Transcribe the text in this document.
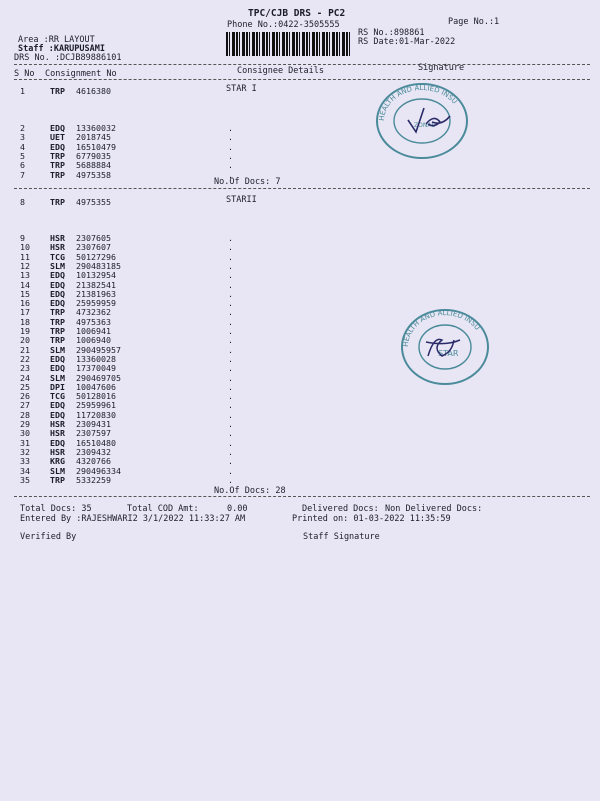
TPC/CJB DRS - PC2
Phone No.:0422-3505555	Page No.:1
Area :RR LAYOUT
Staff :KARUPUSAMI
RS No.:898861
RS Date:01-Mar-2022
DRS No. :DCJB89886101
S No Consignment No	Consignee Details	Signature
STAR I
1	TRP 4616380
2	EDQ 13360032	.
3	UET 2018745	.
4	EDQ 16510479	.
5	TRP 6779035	.
6	TRP 5688884	.
7	TRP 4975358	.
No.Of Docs: 7
STARII
8	TRP 4975355
9	HSR 2307605	.
10 HSR 2307607	.
11 TCG 50127296	.
12 SLM 290483185	.
13 EDQ 10132954	.
14 EDQ 21382541	.
15 EDQ 21381963	.
16 EDQ 25959959	.
17 TRP 4732362	.
18 TRP 4975363	.
19 TRP 1006941	.
20 TRP 1006940	.
21 SLM 290495957	.
22 EDQ 13360028	.
23 EDQ 17370049	.
24 SLM 290469705	.
25 DPI 10047606	.
26 TCG 50128016	.
27 EDQ 25959961	.
28 EDQ 11720830	.
29 HSR 2309431	.
30 HSR 2307597	.
31 EDQ 16510480	.
32 HSR 2309432	.
33 KRG 4320766	.
34 SLM 290496334	.
35 TRP 5332259	.
No.Of Docs: 28
Total Docs: 35	Total COD Amt:	0.00	Delivered Docs: Non Delivered Docs:
Entered By :RAJESHWARI2 3/1/2022 11:33:27 AM	Printed on: 01-03-2022 11:35:59
Verified By	Staff Signature
HEALTH AND ALLIED INSU
ZONAL
HEALTH AND ALLIED INSU
STAR
